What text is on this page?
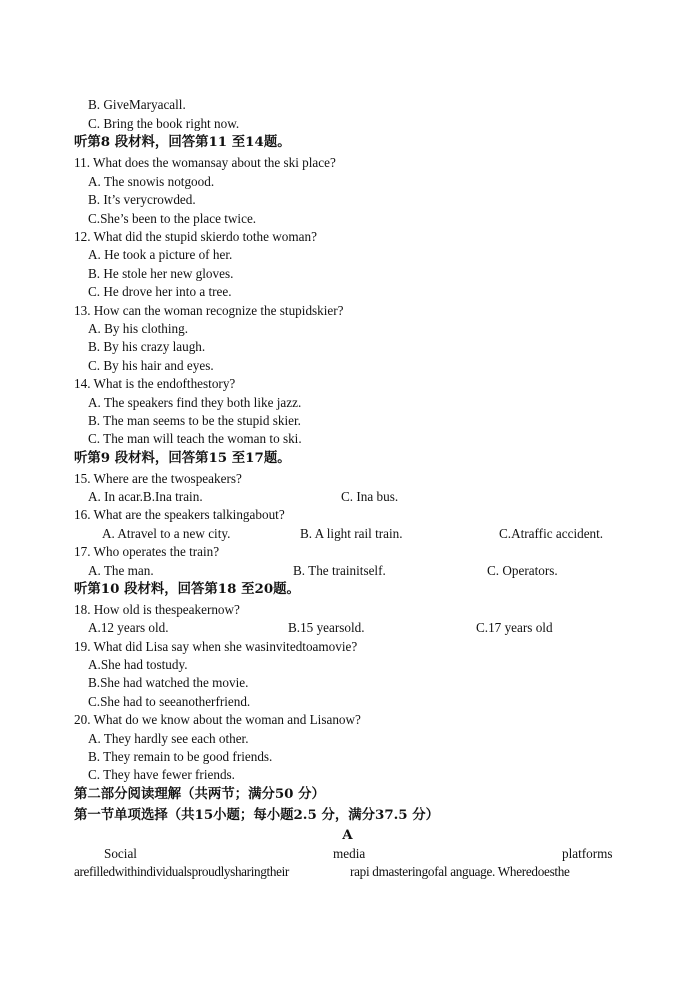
B. GiveMaryacall.
C. Bring the book right now.
听第8 段材料，回答第11 至14题。
11. What does the womansay about the ski place?
A. The snowis notgood.
B. It’s verycrowded.
C.She’s been to the place twice.
12. What did the stupid skierdo tothe woman?
A. He took a picture of her.
B. He stole her new gloves.
C. He drove her into a tree.
13. How can the woman recognize the stupidskier?
A. By his clothing.
B. By his crazy laugh.
C. By his hair and eyes.
14. What is the endofthestory?
A. The speakers find they both like jazz.
B. The man seems to be the stupid skier.
C. The man will teach the woman to ski.
听第9 段材料，回答第15 至17题。
15. Where are the twospeakers?
A. In acar.B.Ina train.	C. Ina bus.
16. What are the speakers talkingabout?
A. Atravel to a new city.	B. A light rail train.	C.Atraffic accident.
17. Who operates the train?
A. The man.	B. The trainitself.	C. Operators.
听第10 段材料，回答第18 至20题。
18. How old is thespeakernow?
A.12 years old.	B.15 yearsold.	C.17 years old
19. What did Lisa say when she wasinvitedtoamovie?
A.She had tostudy.
B.She had watched the movie.
C.She had to seeanotherfriend.
20. What do we know about the woman and Lisanow?
A. They hardly see each other.
B. They remain to be good friends.
C. They have fewer friends.
第二部分阅读理解（共两节；满分50 分）
第一节单项选择（共15小题；每小题2.5 分，满分37.5 分）
A
Social	media	platforms
arefilledwithindividualsproudlysharingtheir	rapi dmasteringofal anguage. Wheredoesthe
